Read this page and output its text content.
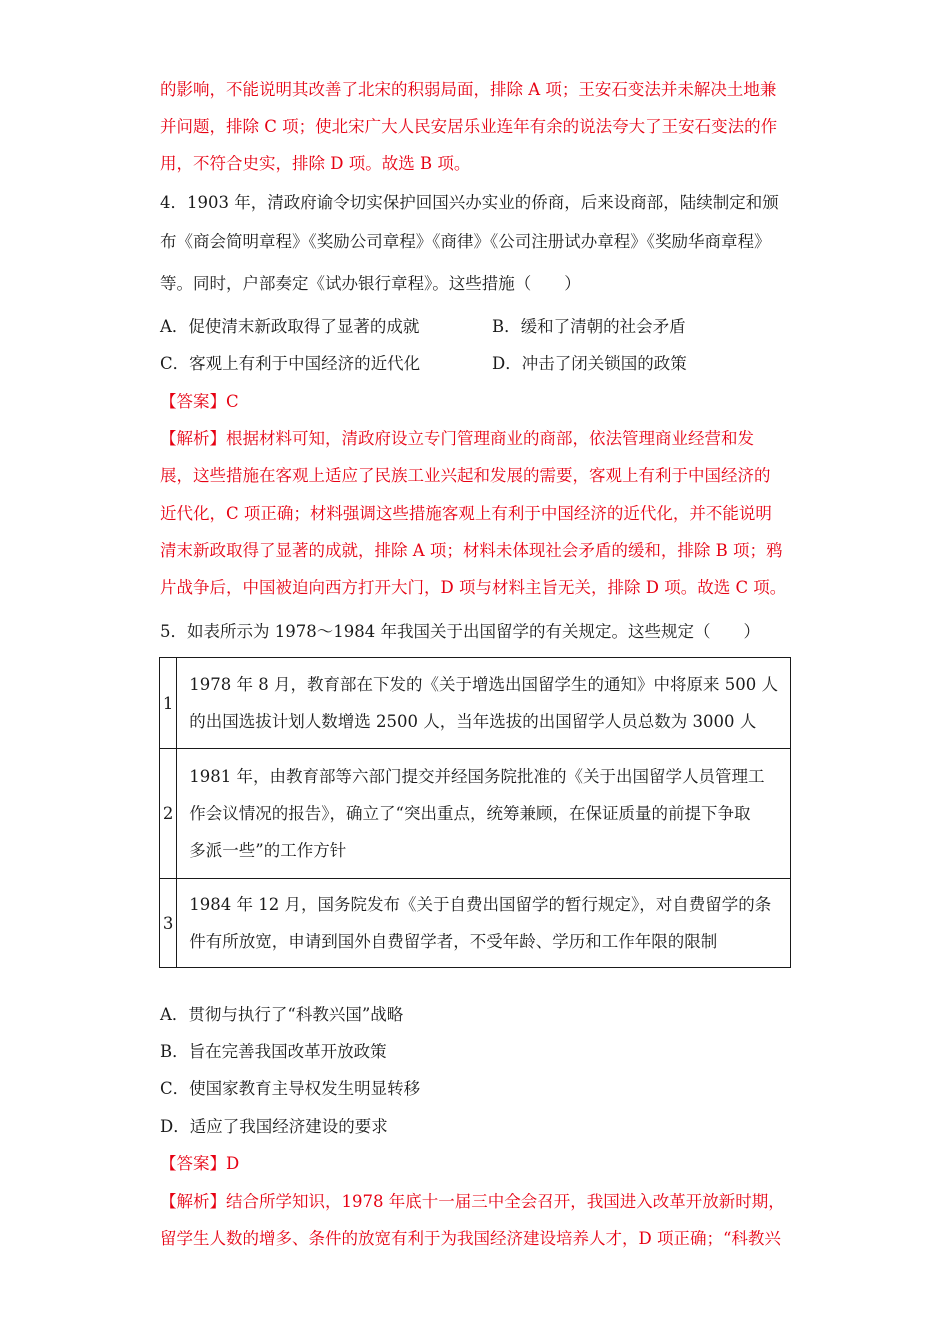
的影响，不能说明其改善了北宋的积弱局面，排除 A 项；王安石变法并未解决土地兼
并问题，排除 C 项；使北宋广大人民安居乐业连年有余的说法夸大了王安石变法的作
用，不符合史实，排除 D 项。故选 B 项。
4．1903 年，清政府谕令切实保护回国兴办实业的侨商，后来设商部，陆续制定和颁
布《商会简明章程》《奖励公司章程》《商律》《公司注册试办章程》《奖励华商章程》
等。同时，户部奏定《试办银行章程》。这些措施（　　）
A．促使清末新政取得了显著的成就	B．缓和了清朝的社会矛盾
C．客观上有利于中国经济的近代化	D．冲击了闭关锁国的政策
【答案】C
【解析】根据材料可知，清政府设立专门管理商业的商部，依法管理商业经营和发
展，这些措施在客观上适应了民族工业兴起和发展的需要，客观上有利于中国经济的
近代化，C 项正确；材料强调这些措施客观上有利于中国经济的近代化，并不能说明
清末新政取得了显著的成就，排除 A 项；材料未体现社会矛盾的缓和，排除 B 项；鸦
片战争后，中国被迫向西方打开大门，D 项与材料主旨无关，排除 D 项。故选 C 项。
5．如表所示为 1978～1984 年我国关于出国留学的有关规定。这些规定（　　）
1	1978 年 8 月，教育部在下发的《关于增选出国留学生的通知》中将原来 500 人
的出国选拔计划人数增选 2500 人，当年选拔的出国留学人员总数为 3000 人

2	1981 年，由教育部等六部门提交并经国务院批准的《关于出国留学人员管理工
作会议情况的报告》，确立了“突出重点，统筹兼顾，在保证质量的前提下争取
多派一些”的工作方针

3	1984 年 12 月，国务院发布《关于自费出国留学的暂行规定》，对自费留学的条
件有所放宽，申请到国外自费留学者，不受年龄、学历和工作年限的限制
A．贯彻与执行了“科教兴国”战略
B．旨在完善我国改革开放政策
C．使国家教育主导权发生明显转移
D．适应了我国经济建设的要求
【答案】D
【解析】结合所学知识，1978 年底十一届三中全会召开，我国进入改革开放新时期，
留学生人数的增多、条件的放宽有利于为我国经济建设培养人才，D 项正确；“科教兴
